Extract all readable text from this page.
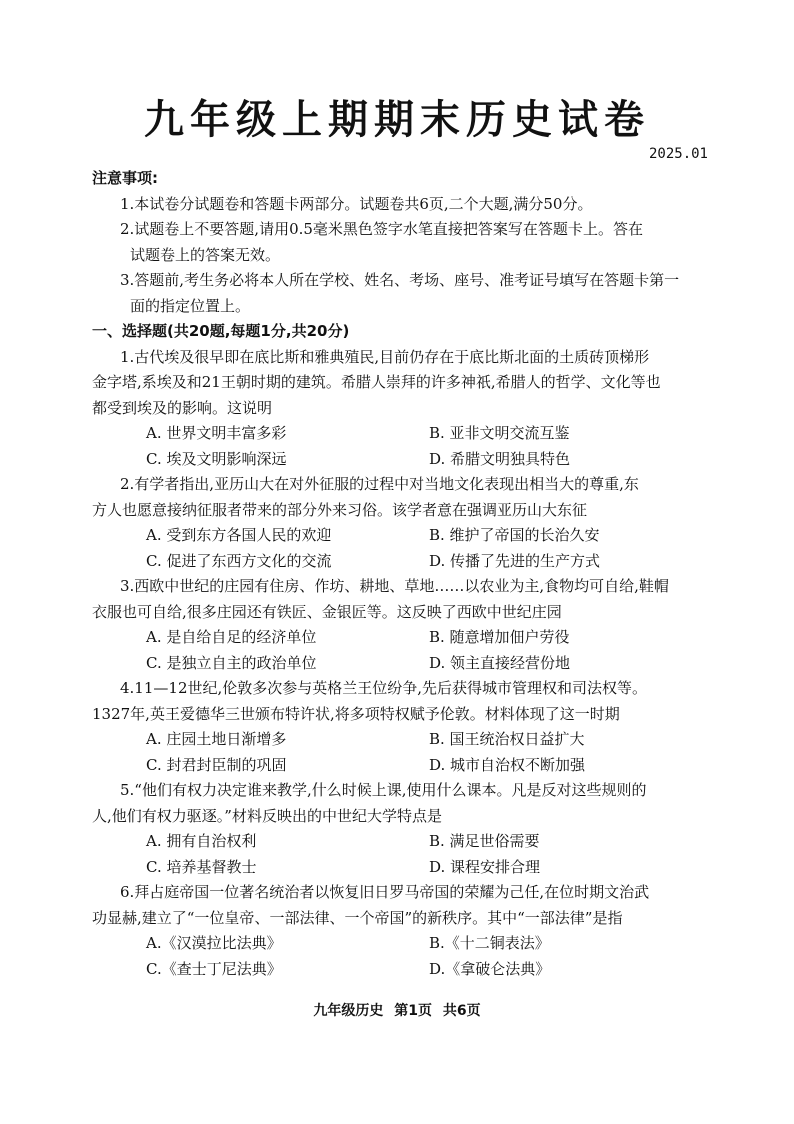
九年级上期期末历史试卷
2025.01
注意事项:
1.本试卷分试题卷和答题卡两部分。试题卷共6页,二个大题,满分50分。
2.试题卷上不要答题,请用0.5毫米黑色签字水笔直接把答案写在答题卡上。答在
试题卷上的答案无效。
3.答题前,考生务必将本人所在学校、姓名、考场、座号、准考证号填写在答题卡第一
面的指定位置上。
一、选择题(共20题,每题1分,共20分)
1.古代埃及很早即在底比斯和雅典殖民,目前仍存在于底比斯北面的土质砖顶梯形
金字塔,系埃及和21王朝时期的建筑。希腊人崇拜的许多神祇,希腊人的哲学、文化等也
都受到埃及的影响。这说明
A. 世界文明丰富多彩	B. 亚非文明交流互鉴
C. 埃及文明影响深远	D. 希腊文明独具特色
2.有学者指出,亚历山大在对外征服的过程中对当地文化表现出相当大的尊重,东
方人也愿意接纳征服者带来的部分外来习俗。该学者意在强调亚历山大东征
A. 受到东方各国人民的欢迎	B. 维护了帝国的长治久安
C. 促进了东西方文化的交流	D. 传播了先进的生产方式
3.西欧中世纪的庄园有住房、作坊、耕地、草地……以农业为主,食物均可自给,鞋帽
衣服也可自给,很多庄园还有铁匠、金银匠等。这反映了西欧中世纪庄园
A. 是自给自足的经济单位	B. 随意增加佃户劳役
C. 是独立自主的政治单位	D. 领主直接经营份地
4.11—12世纪,伦敦多次参与英格兰王位纷争,先后获得城市管理权和司法权等。
1327年,英王爱德华三世颁布特许状,将多项特权赋予伦敦。材料体现了这一时期
A. 庄园土地日渐增多	B. 国王统治权日益扩大
C. 封君封臣制的巩固	D. 城市自治权不断加强
5.“他们有权力决定谁来教学,什么时候上课,使用什么课本。凡是反对这些规则的
人,他们有权力驱逐。”材料反映出的中世纪大学特点是
A. 拥有自治权利	B. 满足世俗需要
C. 培养基督教士	D. 课程安排合理
6.拜占庭帝国一位著名统治者以恢复旧日罗马帝国的荣耀为己任,在位时期文治武
功显赫,建立了“一位皇帝、一部法律、一个帝国”的新秩序。其中“一部法律”是指
A.《汉漠拉比法典》	B.《十二铜表法》
C.《查士丁尼法典》	D.《拿破仑法典》
九年级历史 第1页 共6页
